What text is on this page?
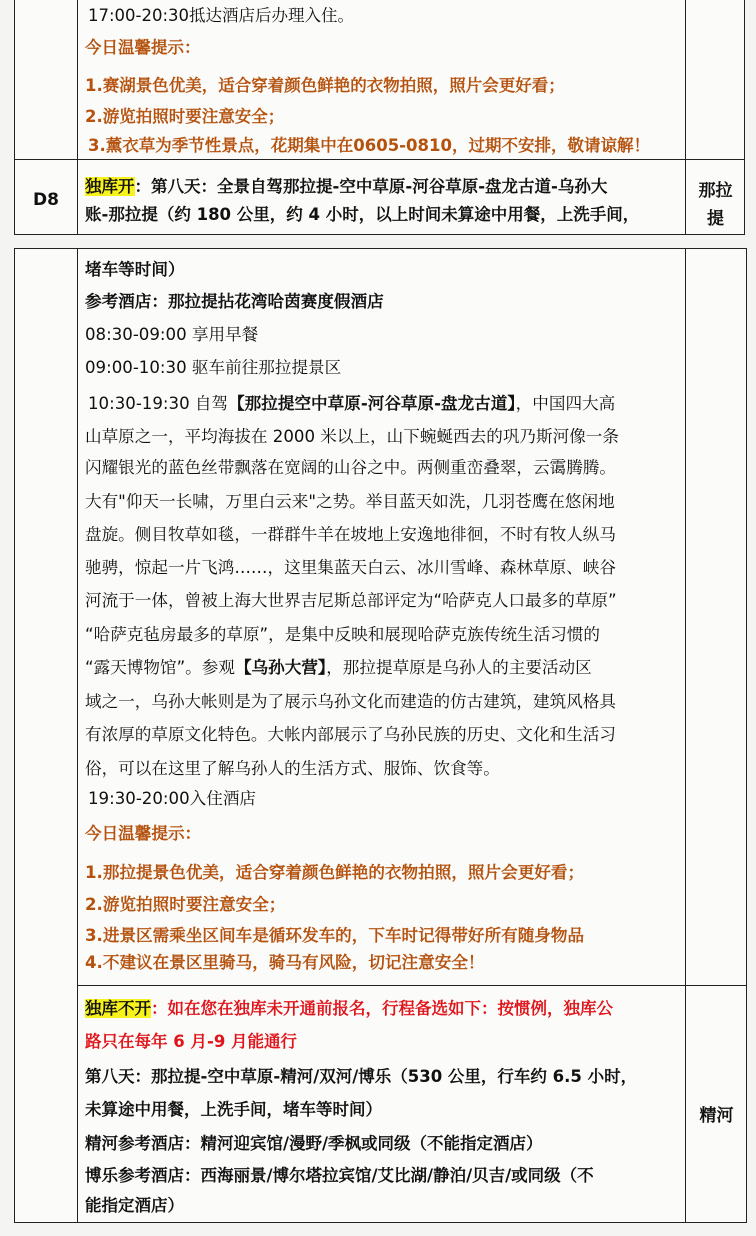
17:00-20:30抵达酒店后办理入住。
今日温馨提示：
1.赛湖景色优美，适合穿着颜色鲜艳的衣物拍照，照片会更好看；
2.游览拍照时要注意安全；
3.薰衣草为季节性景点，花期集中在0605-0810，过期不安排，敬请谅解！
D8
独库开：第八天：全景自驾那拉提-空中草原-河谷草原-盘龙古道-乌孙大
账-那拉提（约 180 公里，约 4 小时，以上时间未算途中用餐，上洗手间，
那拉
提
堵车等时间）
参考酒店：那拉提拈花湾哈茵赛度假酒店
08:30-09:00 享用早餐
09:00-10:30 驱车前往那拉提景区
10:30-19:30 自驾【那拉提空中草原-河谷草原-盘龙古道】，中国四大高
山草原之一，平均海拔在 2000 米以上，山下蜿蜒西去的巩乃斯河像一条
闪耀银光的蓝色丝带飘落在宽阔的山谷之中。两侧重峦叠翠，云霭腾腾。
大有"仰天一长啸，万里白云来"之势。举目蓝天如洗，几羽苍鹰在悠闲地
盘旋。侧目牧草如毯，一群群牛羊在坡地上安逸地徘徊，不时有牧人纵马
驰骋，惊起一片飞鸿……，这里集蓝天白云、冰川雪峰、森林草原、峡谷
河流于一体，曾被上海大世界吉尼斯总部评定为“哈萨克人口最多的草原”
“哈萨克毡房最多的草原”，是集中反映和展现哈萨克族传统生活习惯的
“露天博物馆”。参观【乌孙大营】，那拉提草原是乌孙人的主要活动区
域之一，乌孙大帐则是为了展示乌孙文化而建造的仿古建筑，建筑风格具
有浓厚的草原文化特色。大帐内部展示了乌孙民族的历史、文化和生活习
俗，可以在这里了解乌孙人的生活方式、服饰、饮食等。
19:30-20:00入住酒店
今日温馨提示：
1.那拉提景色优美，适合穿着颜色鲜艳的衣物拍照，照片会更好看；
2.游览拍照时要注意安全；
3.进景区需乘坐区间车是循环发车的，下车时记得带好所有随身物品
4.不建议在景区里骑马，骑马有风险，切记注意安全！
独库不开：如在您在独库未开通前报名，行程备选如下：按惯例，独库公
路只在每年 6 月-9 月能通行
第八天：那拉提-空中草原-精河/双河/博乐（530 公里，行车约 6.5 小时，
未算途中用餐，上洗手间，堵车等时间）
精河参考酒店：精河迎宾馆/漫野/季枫或同级（不能指定酒店）
博乐参考酒店：西海丽景/博尔塔拉宾馆/艾比湖/静泊/贝吉/或同级（不
能指定酒店）
精河
